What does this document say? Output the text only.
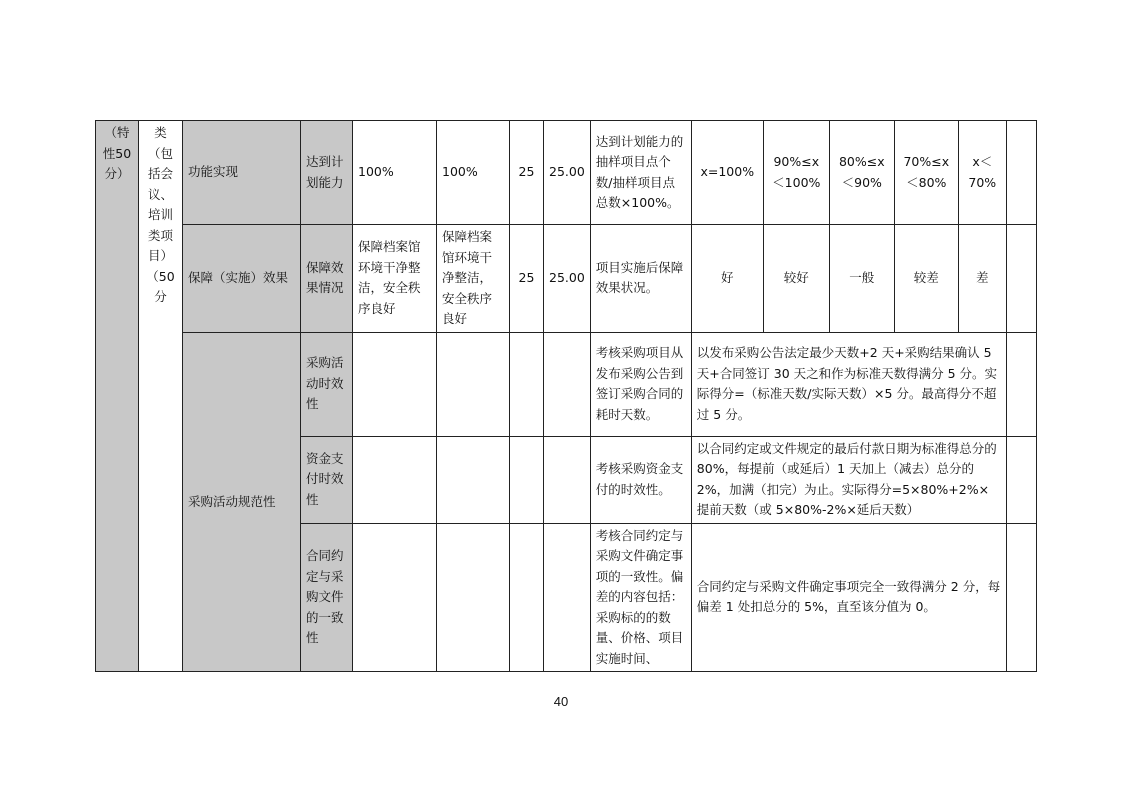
（特性50分）	类（包括会议、培训类项目）（50分	功能实现	达到计划能力	100%	100%	25	25.00	达到计划能力的抽样项目点个数/抽样项目点总数×100%。	x=100%	90%≤x＜100%	80%≤x＜90%	70%≤x＜80%	x＜70%	
		保障（实施）效果	保障效果情况	保障档案馆环境干净整洁，安全秩序良好	保障档案馆环境干净整洁，安全秩序良好	25	25.00	项目实施后保障效果状况。	好	较好	一般	较差	差	
		采购活动规范性	采购活动时效性					考核采购项目从发布采购公告到签订采购合同的耗时天数。	以发布采购公告法定最少天数+2 天+采购结果确认 5 天+合同签订 30 天之和作为标准天数得满分 5 分。实际得分=（标准天数/实际天数）×5 分。最高得分不超过 5 分。					
			资金支付时效性					考核采购资金支付的时效性。	以合同约定或文件规定的最后付款日期为标准得总分的 80%，每提前（或延后）1 天加上（减去）总分的 2%，加满（扣完）为止。实际得分=5×80%+2%×提前天数（或 5×80%-2%×延后天数）					
			合同约定与采购文件的一致性					考核合同约定与采购文件确定事项的一致性。偏差的内容包括：采购标的的数量、价格、项目实施时间、	合同约定与采购文件确定事项完全一致得满分 2 分，每偏差 1 处扣总分的 5%，直至该分值为 0。					
40
